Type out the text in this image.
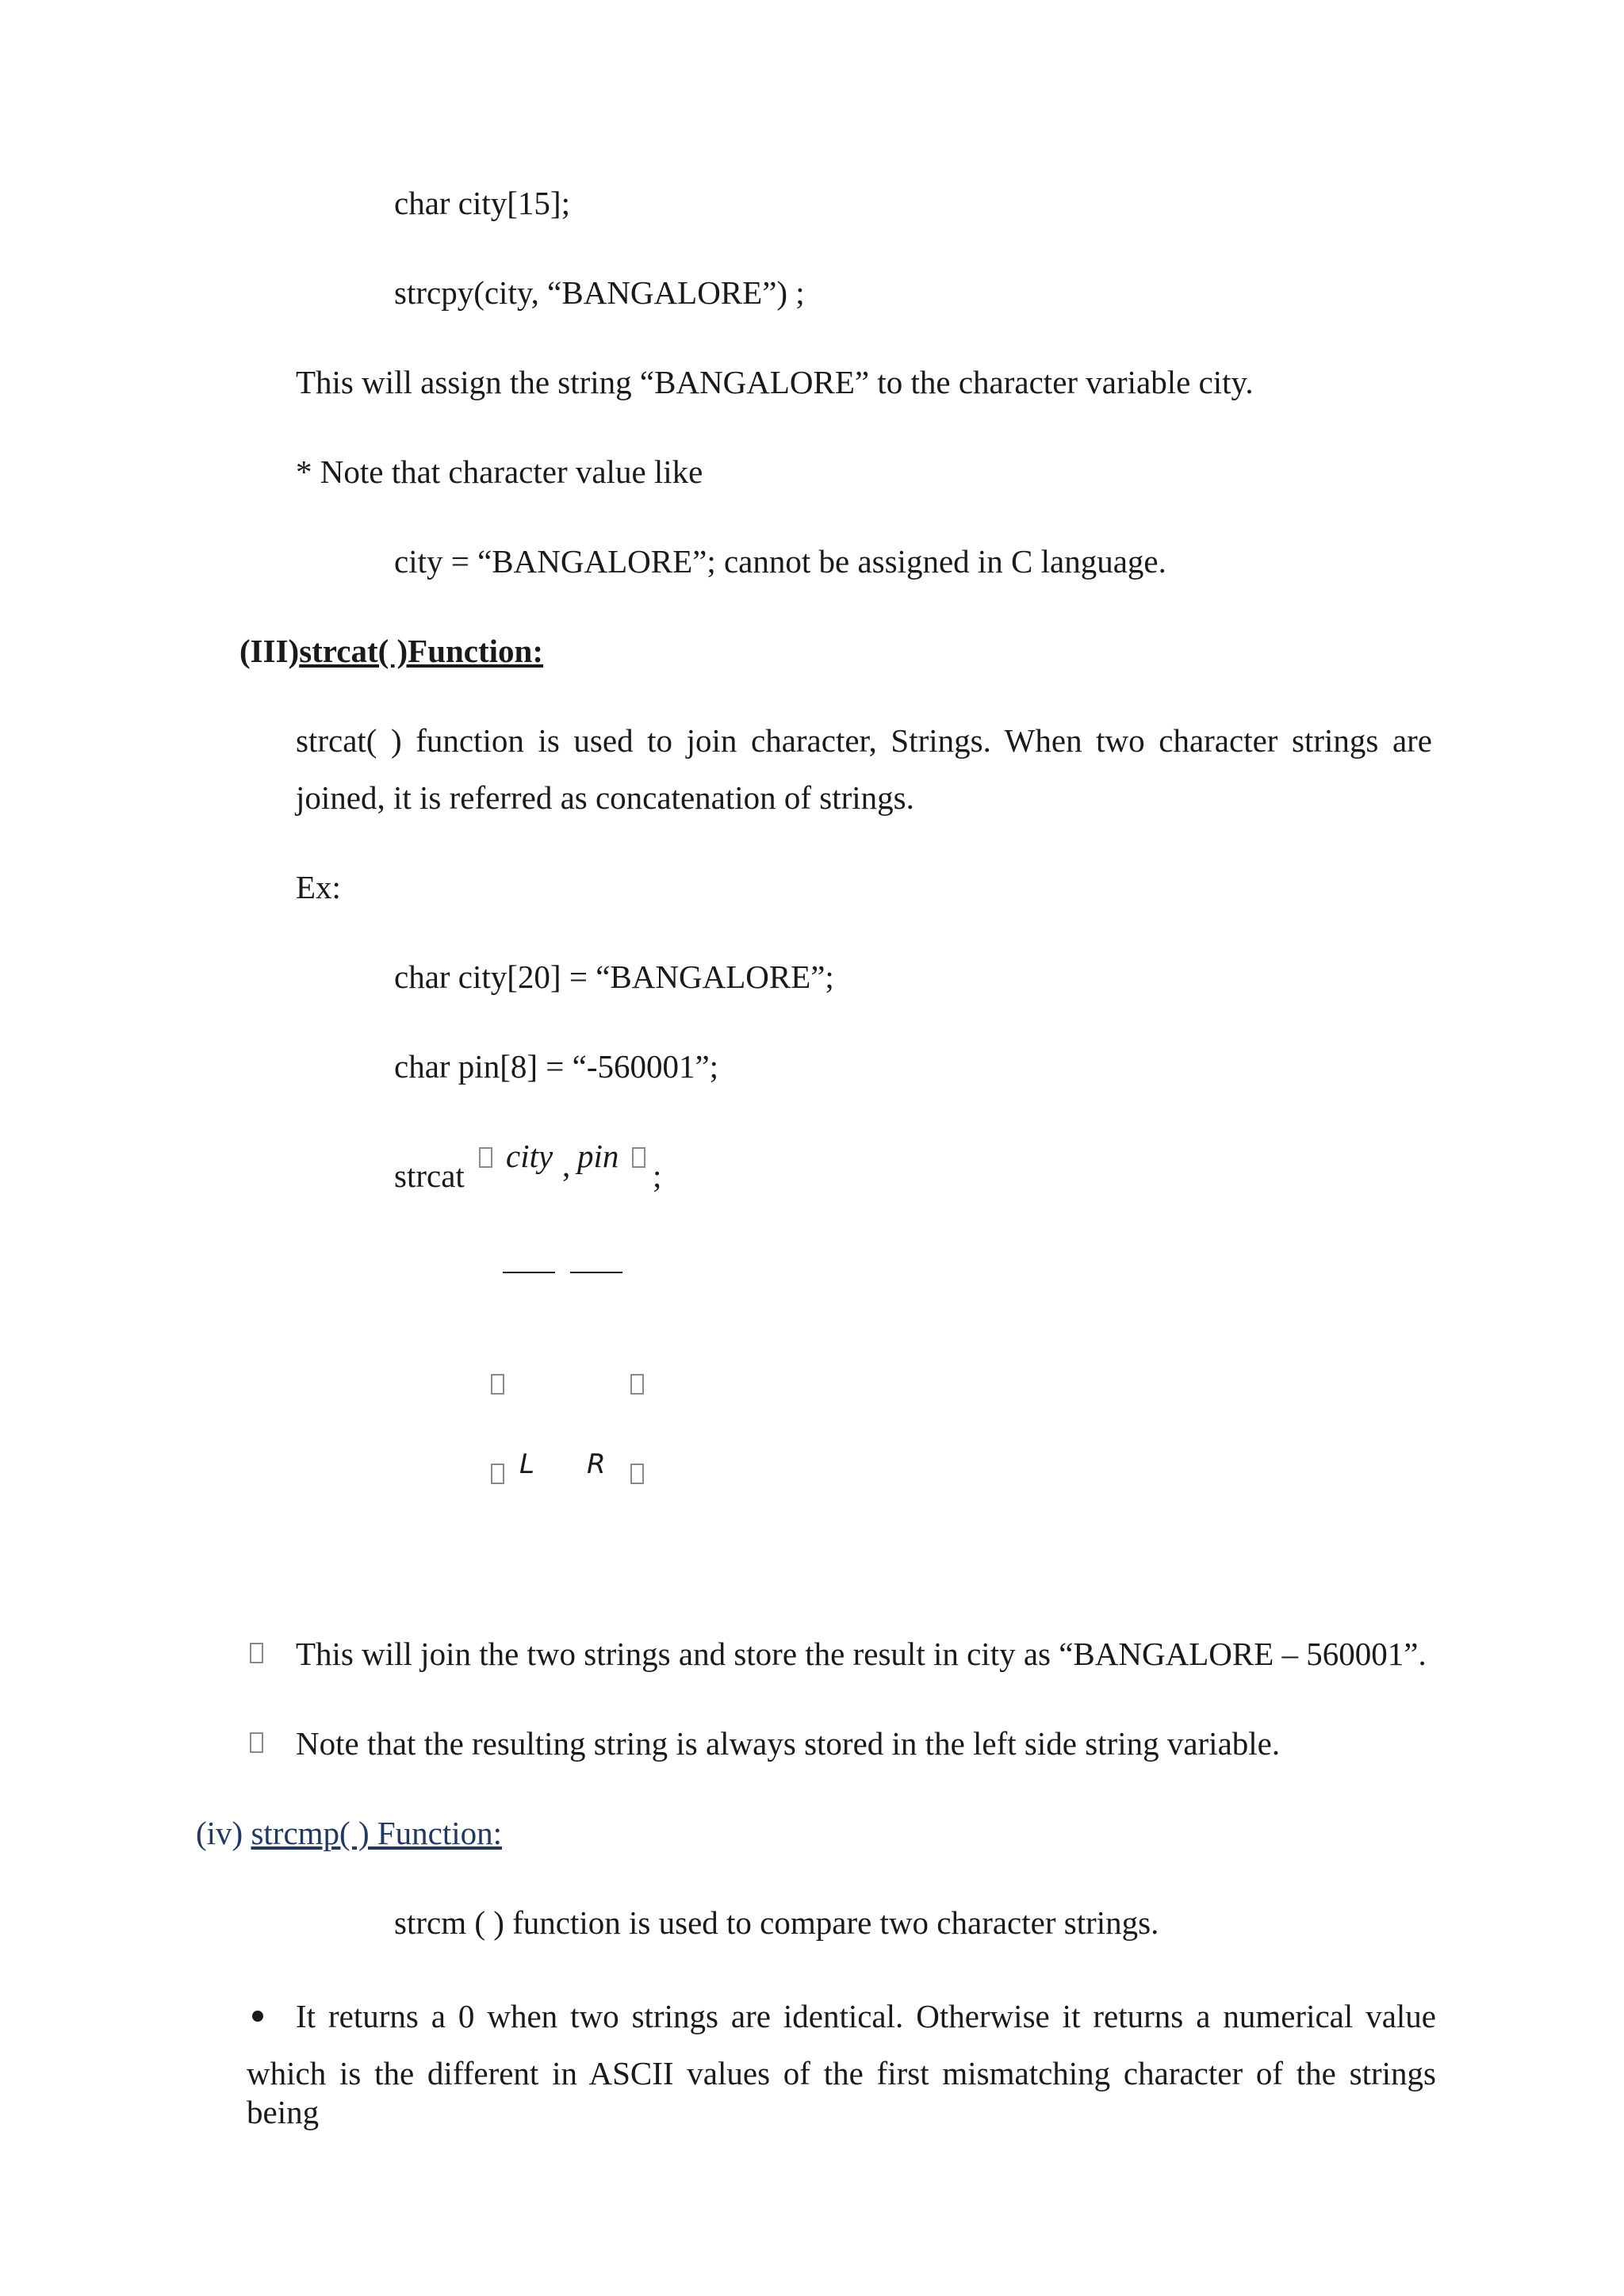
char city[15];
strcpy(city, “BANGALORE”) ;
This will assign the string “BANGALORE” to the character variable city.
* Note that character value like
city = “BANGALORE”; cannot be assigned in C language.
(III)strcat( )Function:
strcat( ) function is used to join character, Strings. When two character strings are
joined, it is referred as concatenation of strings.
Ex:
char city[20] = “BANGALORE”;
char pin[8] = “-560001”;
strcat
city , pin
;
L R
This will join the two strings and store the result in city as “BANGALORE – 560001”.
Note that the resulting string is always stored in the left side string variable.
(iv) strcmp( ) Function:
strcm ( ) function is used to compare two character strings.
It returns a 0 when two strings are identical. Otherwise it returns a numerical value
which is the different in ASCII values of the first mismatching character of the strings being
